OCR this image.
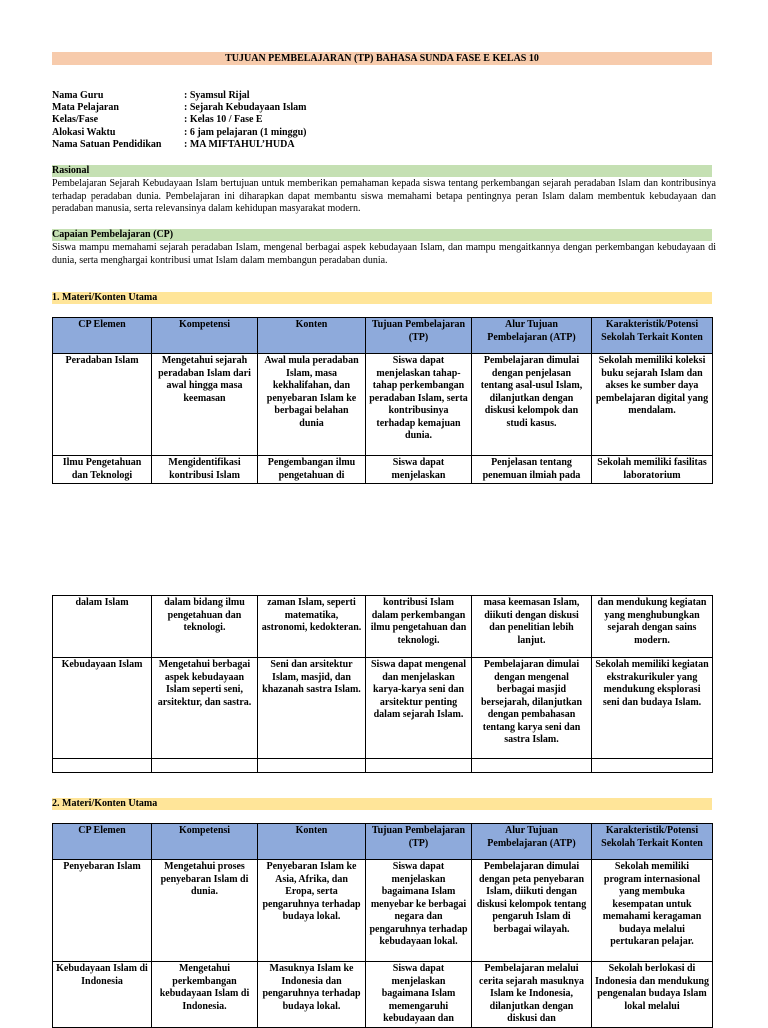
TUJUAN PEMBELAJARAN (TP) BAHASA SUNDA FASE E KELAS 10
Nama Guru	: Syamsul Rijal
Mata Pelajaran	: Sejarah Kebudayaan Islam
Kelas/Fase	: Kelas 10 / Fase E
Alokasi Waktu	: 6 jam pelajaran (1 minggu)
Nama Satuan Pendidikan : MA MIFTAHUL’HUDA
Rasional
Pembelajaran Sejarah Kebudayaan Islam bertujuan untuk memberikan pemahaman kepada siswa tentang perkembangan sejarah peradaban Islam dan kontribusinya terhadap peradaban dunia. Pembelajaran ini diharapkan dapat membantu siswa memahami betapa pentingnya peran Islam dalam membentuk kebudayaan dan peradaban manusia, serta relevansinya dalam kehidupan masyarakat modern.
Capaian Pembelajaran (CP)
Siswa mampu memahami sejarah peradaban Islam, mengenal berbagai aspek kebudayaan Islam, dan mampu mengaitkannya dengan perkembangan kebudayaan di dunia, serta menghargai kontribusi umat Islam dalam membangun peradaban dunia.
1. Materi/Konten Utama
CP Elemen	Kompetensi	Konten	Tujuan Pembelajaran (TP)	Alur Tujuan Pembelajaran (ATP)	Karakteristik/Potensi Sekolah Terkait Konten
Peradaban Islam	Mengetahui sejarah peradaban Islam dari awal hingga masa keemasan	Awal mula peradaban Islam, masa kekhalifahan, dan penyebaran Islam ke berbagai belahan dunia	Siswa dapat menjelaskan tahap-tahap perkembangan peradaban Islam, serta kontribusinya terhadap kemajuan dunia.	Pembelajaran dimulai dengan penjelasan tentang asal-usul Islam, dilanjutkan dengan diskusi kelompok dan studi kasus.	Sekolah memiliki koleksi buku sejarah Islam dan akses ke sumber daya pembelajaran digital yang mendalam.
Ilmu Pengetahuan dan Teknologi	Mengidentifikasi kontribusi Islam	Pengembangan ilmu pengetahuan di	Siswa dapat menjelaskan	Penjelasan tentang penemuan ilmiah pada	Sekolah memiliki fasilitas laboratorium
dalam Islam	dalam bidang ilmu pengetahuan dan teknologi.	zaman Islam, seperti matematika, astronomi, kedokteran.	kontribusi Islam dalam perkembangan ilmu pengetahuan dan teknologi.	masa keemasan Islam, diikuti dengan diskusi dan penelitian lebih lanjut.	dan mendukung kegiatan yang menghubungkan sejarah dengan sains modern.
Kebudayaan Islam	Mengetahui berbagai aspek kebudayaan Islam seperti seni, arsitektur, dan sastra.	Seni dan arsitektur Islam, masjid, dan khazanah sastra Islam.	Siswa dapat mengenal dan menjelaskan karya-karya seni dan arsitektur penting dalam sejarah Islam.	Pembelajaran dimulai dengan mengenal berbagai masjid bersejarah, dilanjutkan dengan pembahasan tentang karya seni dan sastra Islam.	Sekolah memiliki kegiatan ekstrakurikuler yang mendukung eksplorasi seni dan budaya Islam.

2. Materi/Konten Utama
CP Elemen	Kompetensi	Konten	Tujuan Pembelajaran (TP)	Alur Tujuan Pembelajaran (ATP)	Karakteristik/Potensi Sekolah Terkait Konten
Penyebaran Islam	Mengetahui proses penyebaran Islam di dunia.	Penyebaran Islam ke Asia, Afrika, dan Eropa, serta pengaruhnya terhadap budaya lokal.	Siswa dapat menjelaskan bagaimana Islam menyebar ke berbagai negara dan pengaruhnya terhadap kebudayaan lokal.	Pembelajaran dimulai dengan peta penyebaran Islam, diikuti dengan diskusi kelompok tentang pengaruh Islam di berbagai wilayah.	Sekolah memiliki program internasional yang membuka kesempatan untuk memahami keragaman budaya melalui pertukaran pelajar.
Kebudayaan Islam di Indonesia	Mengetahui perkembangan kebudayaan Islam di Indonesia.	Masuknya Islam ke Indonesia dan pengaruhnya terhadap budaya lokal.	Siswa dapat menjelaskan bagaimana Islam memengaruhi kebudayaan dan	Pembelajaran melalui cerita sejarah masuknya Islam ke Indonesia, dilanjutkan dengan diskusi dan	Sekolah berlokasi di Indonesia dan mendukung pengenalan budaya Islam lokal melalui
